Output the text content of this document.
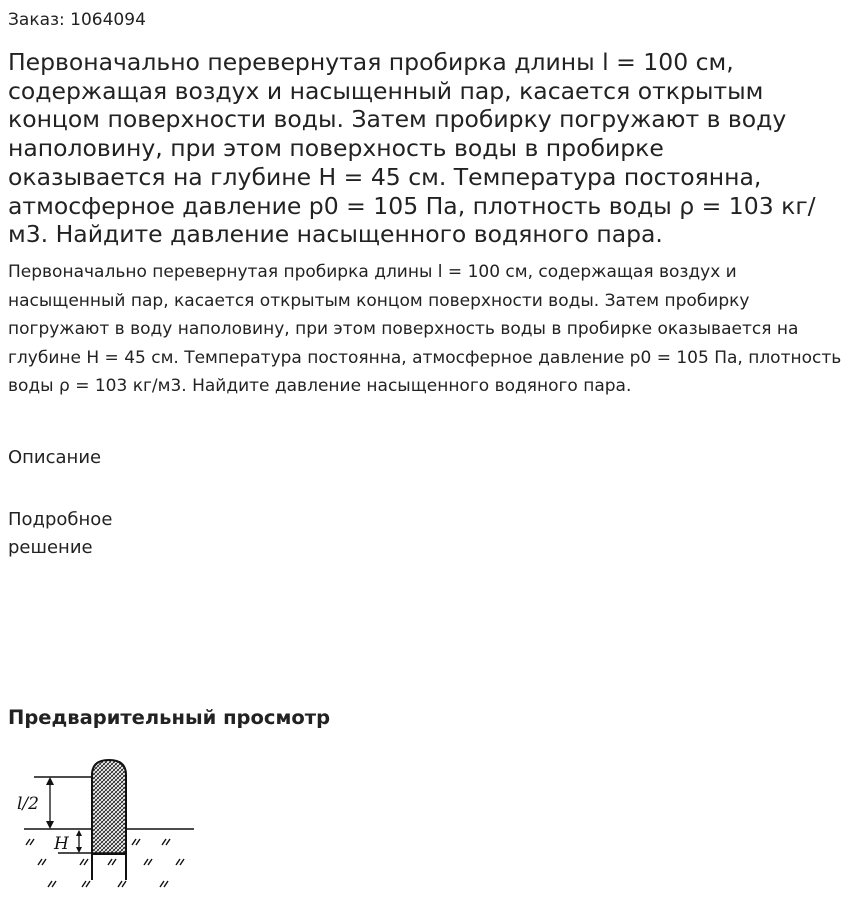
Заказ: 1064094
Первоначально перевернутая пробирка длины l = 100 см, содержащая воздух и насыщенный пар, касается открытым концом поверхности воды. Затем пробирку погружают в воду наполовину, при этом поверхность воды в пробирке оказывается на глубине H = 45 см. Температура постоянна, атмосферное давление p0 = 105 Па, плотность воды ρ = 103 кг/м3. Найдите давление насыщенного водяного пара.

Первоначально перевернутая пробирка длины l = 100 см, содержащая воздух и насыщенный пар, касается открытым концом поверхности воды. Затем пробирку погружают в воду наполовину, при этом поверхность воды в пробирке оказывается на глубине H = 45 см. Температура постоянна, атмосферное давление p0 = 105 Па, плотность воды ρ = 103 кг/м3. Найдите давление насыщенного водяного пара.

Описание
Подробное решение
Предварительный просмотр
l/2
H
